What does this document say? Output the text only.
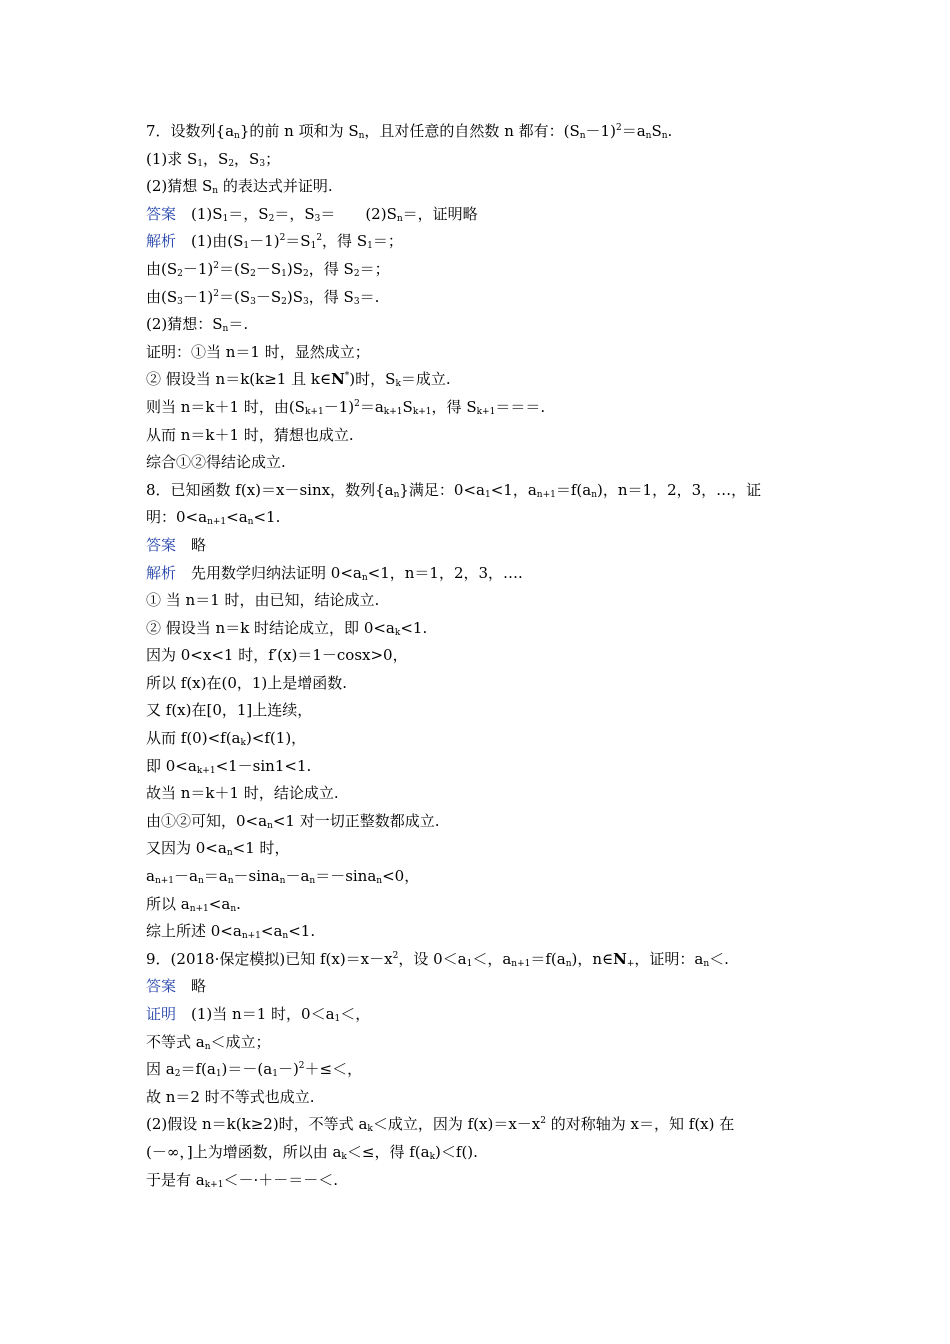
7．设数列$\{a_n\}$的前 n 项和为 $S_n$，且对任意的自然数 n 都有：$(S_n-1)^2=a_nS_n$.
(1)求 $S_1$，$S_2$，$S_3$；
(2)猜想 $S_n$ 的表达式并证明.
答案　 $(1)S_1=$，$S_2=$，$S_3=$　　$(2)S_n=$，证明略
解析　 (1)由$(S_1-1)^2=S_1^2$，得 $S_1=$；
由$(S_2-1)^2=(S_2-S_1)S_2$，得 $S_2=$；
由$(S_3-1)^2=(S_3-S_2)S_3$，得 $S_3=$.
(2)猜想：$S_n=$.
证明：①当 n＝1 时，显然成立；
② 假设当 n＝k(k≥1 且 k∈N*)时，$S_k=$成立.
则当 n＝k＋1 时，由$(S_{k+1}-1)^2=a_{k+1}S_{k+1}$，得 $S_{k+1}===$.
从而 n＝k＋1 时，猜想也成立.
综合①②得结论成立.
8．已知函数 f(x)＝x－sinx，数列$\{a_n\}$满足：$0<a_1<1$，$a_{n+1}=f(a_n)$，n＝1，2，3，…，证
明：$0<a_{n+1}<a_n<1$.
答案　 略
解析　 先用数学归纳法证明 $0<a_n<1$，n＝1，2，3，….
① 当 n＝1 时，由已知，结论成立.
② 假设当 n＝k 时结论成立，即 $0<a_k<1$.
因为 0<x<1 时，f′(x)＝1－cosx>0，
所以 f(x)在(0，1)上是增函数.
又 f(x)在[0，1]上连续，
从而 $f(0)<f(a_k)<f(1)$，
即 $0<a_{k+1}<1-\sin 1<1$.
故当 n＝k＋1 时，结论成立.
由①②可知，$0<a_n<1$ 对一切正整数都成立.
又因为 $0<a_n<1$ 时，
$a_{n+1}-a_n=a_n-\sin a_n-a_n=-\sin a_n<0$，
所以 $a_{n+1}<a_n$.
综上所述 $0<a_{n+1}<a_n<1$.
9．(2018·保定模拟)已知 $f(x)=x-x^2$，设 $0<a_1<$，$a_{n+1}=f(a_n)$，$n\in N_+$，证明：$a_n<$.
答案　 略
证明　 (1)当 n＝1 时，$0<a_1<$，
不等式 $a_n<$成立；
因 $a_2=f(a_1)=-(a_1-)^2+\le<$，
故 n＝2 时不等式也成立.
(2)假设 n＝k(k≥2)时，不等式 $a_k<$成立，因为 $f(x)=x-x^2$ 的对称轴为 x＝，知 f(x) 在
(－∞，]上为增函数，所以由 $a_k<\le$，得 $f(a_k)<f()$.
于是有 $a_{k+1}<-\cdot+-=-<$.
